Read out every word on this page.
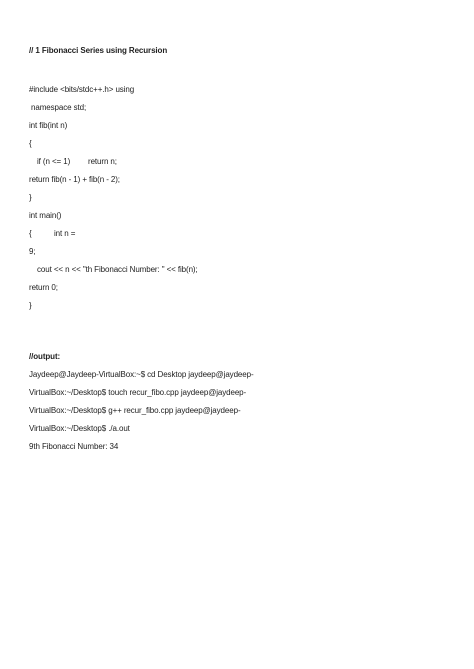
// 1 Fibonacci Series using Recursion
#include <bits/stdc++.h> using
namespace std;
int fib(int n)
{
if (n <= 1) return n;
return fib(n - 1) + fib(n - 2);
}
int main()
{	int n =
9;
cout << n << "th Fibonacci Number: " << fib(n);
return 0;
}
//output:
Jaydeep@Jaydeep-VirtualBox:~$ cd Desktop jaydeep@jaydeep-
VirtualBox:~/Desktop$ touch recur_fibo.cpp jaydeep@jaydeep-
VirtualBox:~/Desktop$ g++ recur_fibo.cpp jaydeep@jaydeep-
VirtualBox:~/Desktop$ ./a.out
9th Fibonacci Number: 34
